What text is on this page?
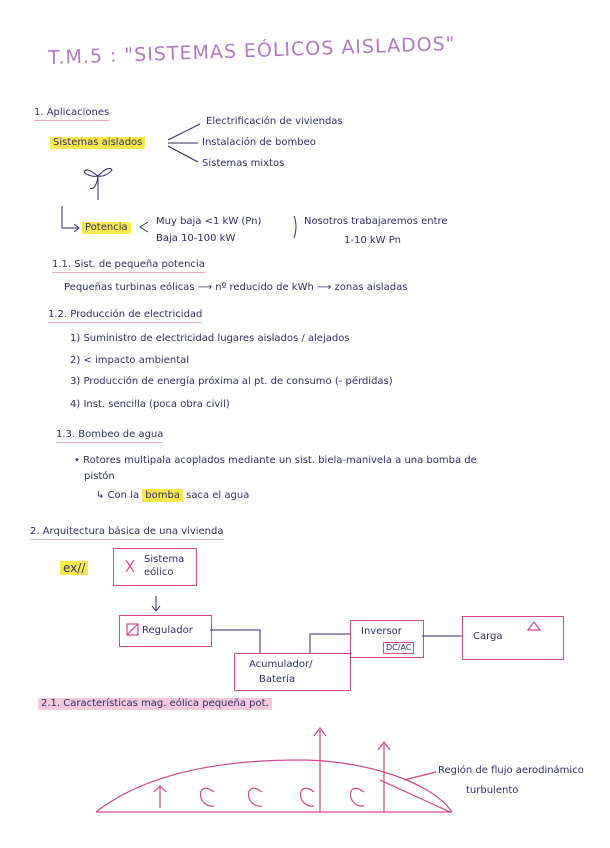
T.M.5 : "SISTEMAS EÓLICOS AISLADOS"
1. Aplicaciones
Sistemas aislados
Electrificación de viviendas
Instalación de bombeo
Sistemas mixtos
Potencia
Muy baja <1 kW (Pn)
Baja 10-100 kW
Nosotros trabajaremos entre
1-10 kW Pn
1.1. Sist. de pequeña potencia
Pequeñas turbinas eólicas ⟶ nº reducido de kWh ⟶ zonas aisladas
1.2. Producción de electricidad
1) Suministro de electricidad lugares aislados / alejados
2) < impacto ambiental
3) Producción de energía próxima al pt. de consumo (- pérdidas)
4) Inst. sencilla (poca obra civil)
1.3. Bombeo de agua
• Rotores multipala acoplados mediante un sist. biela-manivela a una bomba de
pistón
↳ Con la bomba saca el agua
2. Arquitectura básica de una vivienda
ex//
Sistema
eólico
Regulador
Acumulador/
Batería
Inversor
DC/AC
Carga
2.1. Características mag. eólica pequeña pot.
Región de flujo aerodinámico
turbulento
